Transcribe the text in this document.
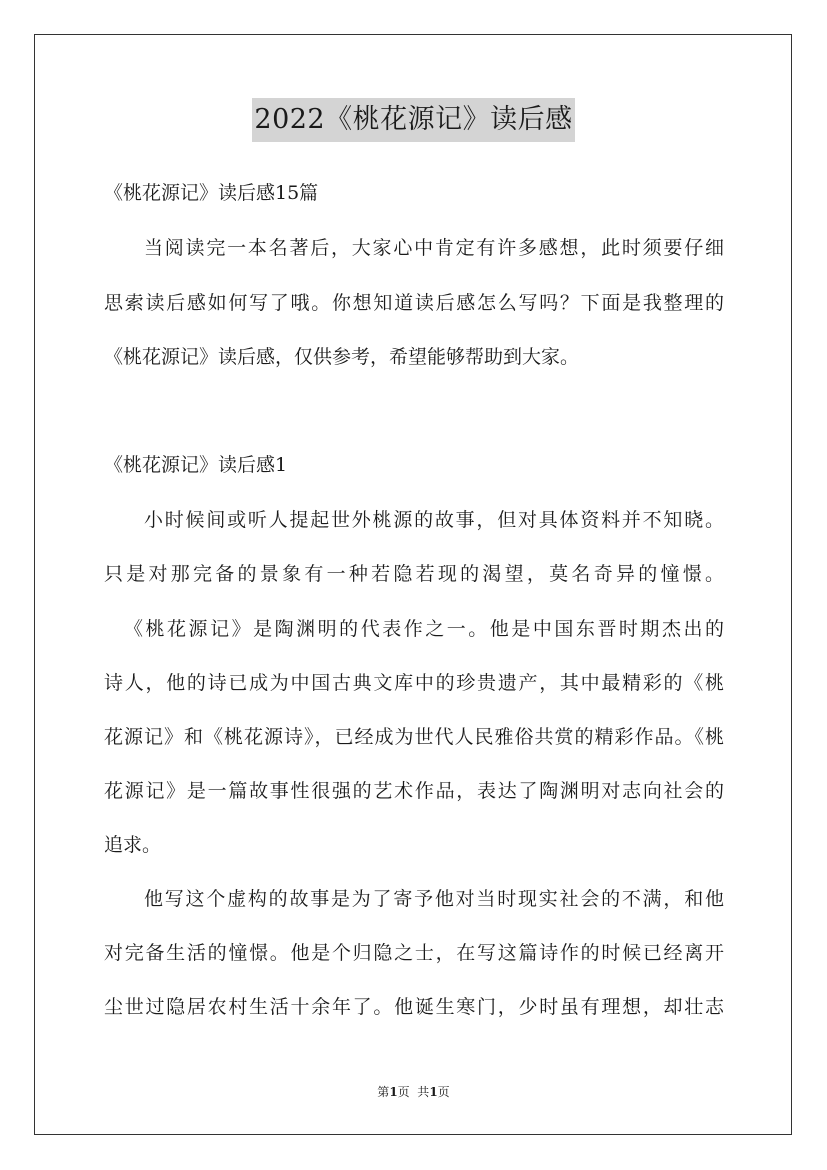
2022《桃花源记》读后感
《桃花源记》读后感15篇
当阅读完一本名著后，大家心中肯定有许多感想，此时须要仔细
思索读后感如何写了哦。你想知道读后感怎么写吗？下面是我整理的
《桃花源记》读后感，仅供参考，希望能够帮助到大家。
《桃花源记》读后感1
小时候间或听人提起世外桃源的故事，但对具体资料并不知晓。
只是对那完备的景象有一种若隐若现的渴望，莫名奇异的憧憬。
《桃花源记》是陶渊明的代表作之一。他是中国东晋时期杰出的
诗人，他的诗已成为中国古典文库中的珍贵遗产，其中最精彩的《桃
花源记》和《桃花源诗》，已经成为世代人民雅俗共赏的精彩作品。《桃
花源记》是一篇故事性很强的艺术作品，表达了陶渊明对志向社会的
追求。
他写这个虚构的故事是为了寄予他对当时现实社会的不满，和他
对完备生活的憧憬。他是个归隐之士，在写这篇诗作的时候已经离开
尘世过隐居农村生活十余年了。他诞生寒门，少时虽有理想，却壮志
第1页  共1页
